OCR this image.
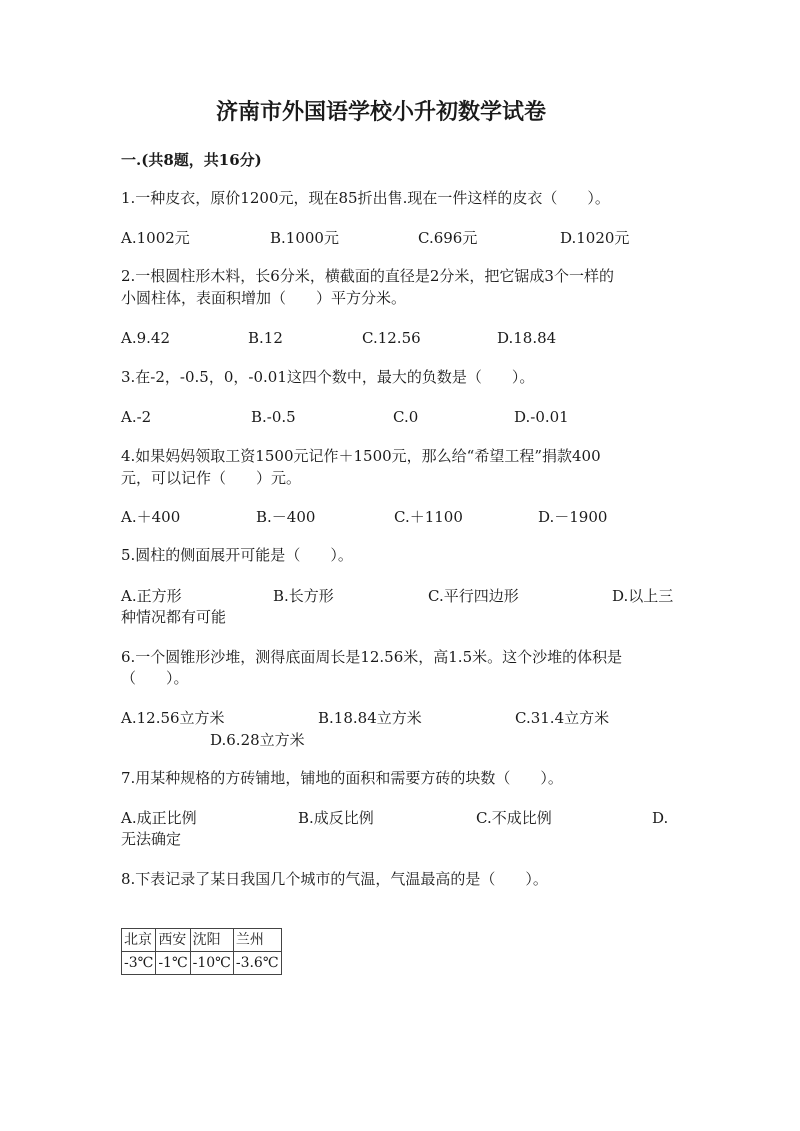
济南市外国语学校小升初数学试卷
一.(共8题，共16分)
1.一种皮衣，原价1200元，现在85折出售.现在一件这样的皮衣（　　）。
A.1002元	B.1000元	C.696元	D.1020元
2.一根圆柱形木料，长6分米，横截面的直径是2分米，把它锯成3个一样的
小圆柱体，表面积增加（　　）平方分米。
A.9.42	B.12	C.12.56	D.18.84
3.在-2，-0.5，0，-0.01这四个数中，最大的负数是（　　）。
A.-2	B.-0.5	C.0	D.-0.01
4.如果妈妈领取工资1500元记作＋1500元，那么给“希望工程”捐款400
元，可以记作（　　）元。
A.＋400	B.－400	C.＋1100	D.－1900
5.圆柱的侧面展开可能是（　　）。
A.正方形	B.长方形	C.平行四边形	D.以上三
种情况都有可能
6.一个圆锥形沙堆，测得底面周长是12.56米，高1.5米。这个沙堆的体积是
（　　）。
A.12.56立方米	B.18.84立方米	C.31.4立方米
D.6.28立方米
7.用某种规格的方砖铺地，铺地的面积和需要方砖的块数（　　）。
A.成正比例	B.成反比例	C.不成比例	D.
无法确定
8.下表记录了某日我国几个城市的气温，气温最高的是（　　）。
北京	西安	沈阳	兰州
-3℃	-1℃	-10℃	-3.6℃
